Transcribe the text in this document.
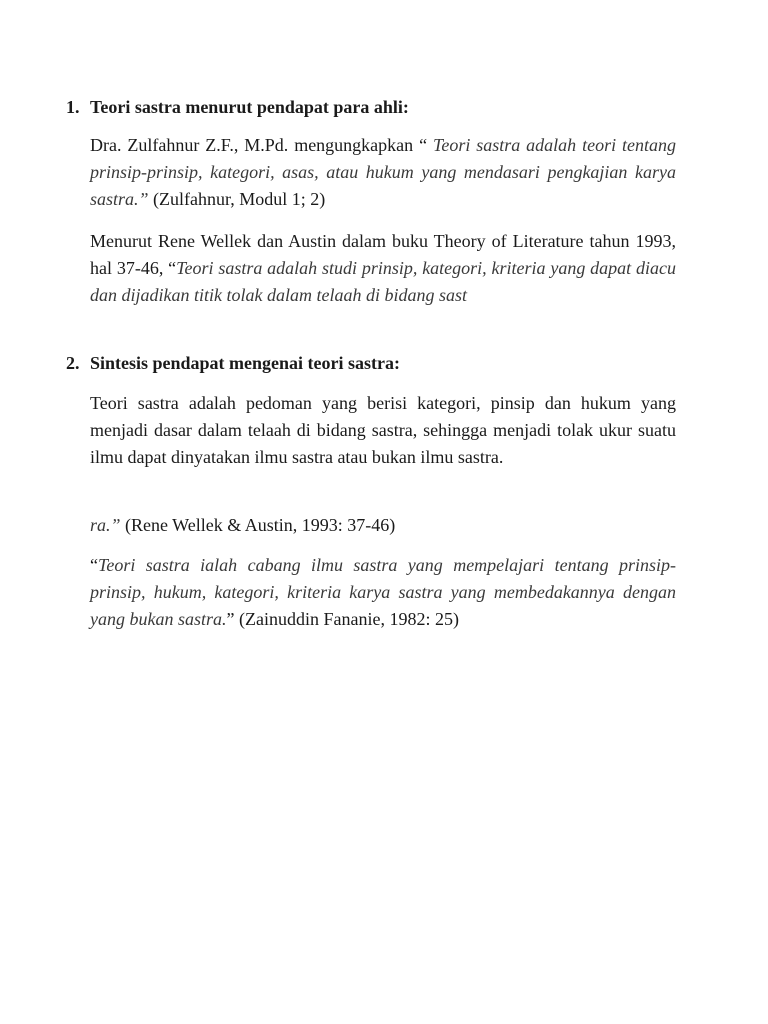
1. Teori sastra menurut pendapat para ahli:
Dra. Zulfahnur Z.F., M.Pd. mengungkapkan “ Teori sastra adalah teori tentang prinsip-prinsip, kategori, asas, atau hukum yang mendasari pengkajian karya sastra.” (Zulfahnur, Modul 1; 2)
Menurut Rene Wellek dan Austin dalam buku Theory of Literature tahun 1993, hal 37-46, “Teori sastra adalah studi prinsip, kategori, kriteria yang dapat diacu dan dijadikan titik tolak dalam telaah di bidang sast
2. Sintesis pendapat mengenai teori sastra:
Teori sastra adalah pedoman yang berisi kategori, pinsip dan hukum yang menjadi dasar dalam telaah di bidang sastra, sehingga menjadi tolak ukur suatu ilmu dapat dinyatakan ilmu sastra atau bukan ilmu sastra.
ra.” (Rene Wellek & Austin, 1993: 37-46)
“Teori sastra ialah cabang ilmu sastra yang mempelajari tentang prinsip-prinsip, hukum, kategori, kriteria karya sastra yang membedakannya dengan yang bukan sastra.” (Zainuddin Fananie, 1982: 25)
